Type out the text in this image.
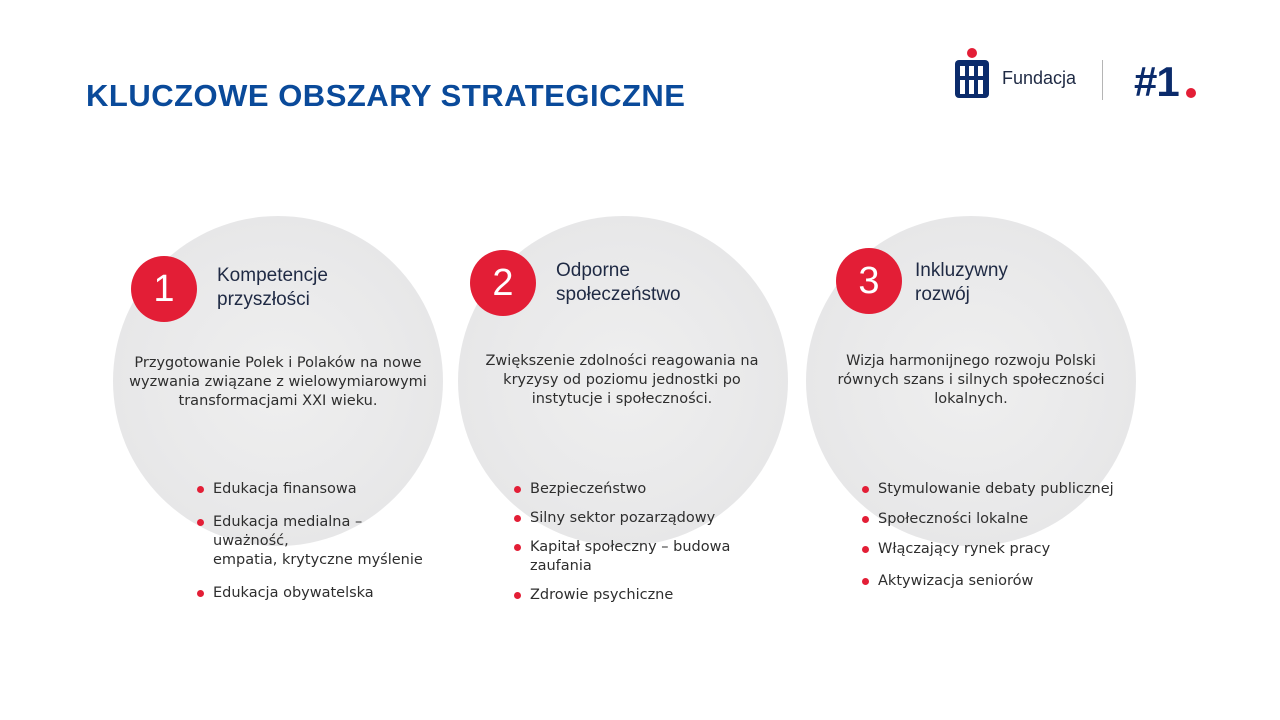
KLUCZOWE OBSZARY STRATEGICZNE	Fundacja #1
1	Kompetencje
przyszłości
Przygotowanie Polek i Polaków na nowe
wyzwania związane z wielowymiarowymi
transformacjami XXI wieku.
Edukacja finansowa
Edukacja medialna – uważność,
empatia, krytyczne myślenie
Edukacja obywatelska
2	Odporne
społeczeństwo
Zwiększenie zdolności reagowania na
kryzysy od poziomu jednostki po
instytucje i społeczności.
Bezpieczeństwo
Silny sektor pozarządowy
Kapitał społeczny – budowa zaufania
Zdrowie psychiczne
3	Inkluzywny
rozwój
Wizja harmonijnego rozwoju Polski
równych szans i silnych społeczności
lokalnych.
Stymulowanie debaty publicznej
Społeczności lokalne
Włączający rynek pracy
Aktywizacja seniorów
